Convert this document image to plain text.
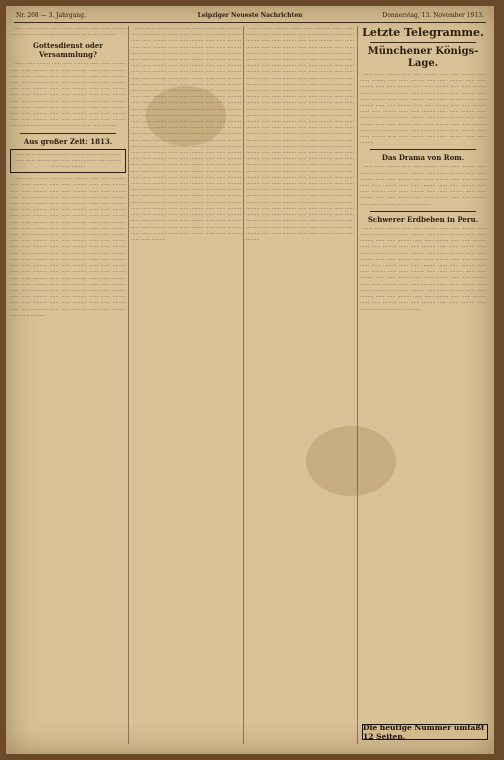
Nr. 268 — 3. Jahrgang.	Leipziger Neueste Nachrichten	Donnerstag, 13. November 1913.

…… …… ……… …… …… ……… …… …… ……… …… …… ……… …… …… ……… …… …… ………

Gottesdienst oder Versammlung?

…… …… ……… …… …… ……… …… …… ……… …… …… ……… …… …… ……… …… …… ……… …… …… ……… …… …… ……… …… …… ……… …… …… ……… …… …… ……… …… …… ……… …… …… ……… …… …… ……… …… …… ……… …… …… ……… …… …… ……… …… …… ……… …… …… ……… …… …… ……… …… …… ……… …… …… ……… …… …… ……… …… …… ……… …… …… ……… …… …… ……… …… …… ……… …… …… ……… …… …… ……… …… …… ……… …… …… ……… …… …… ……… …… …… ………

Aus großer Zeit: 1813.
…… …… ……… …… …… ……… …… …… ……… …… …… ……… …… …… ……… …… …… ……… …… …… ………

…… …… ……… …… …… ……… …… …… ……… …… …… ……… …… …… ……… …… …… ……… …… …… ……… …… …… ……… …… …… ……… …… …… ……… …… …… ……… …… …… ……… …… …… ……… …… …… ……… …… …… ……… …… …… ……… …… …… ……… …… …… ……… …… …… ……… …… …… ……… …… …… ……… …… …… ……… …… …… ……… …… …… ……… …… …… ……… …… …… ……… …… …… ……… …… …… ……… …… …… ……… …… …… ……… …… …… ……… …… …… ……… …… …… ……… …… …… ……… …… …… ……… …… …… ……… …… …… ……… …… …… ……… …… …… ……… …… …… ……… …… …… ……… …… …… ……… …… …… ……… …… …… ……… …… …… ……… …… …… ……… …… …… ……… …… …… ……… …… …… ……… …… …… ……… …… …… ……… …… …… ……… …… …… ……… …… …… ……… …… …… ……… …… …… ……… …… …… ……… …… …… ……… …… …… ……… …… …… ……… …… …… ……… …… …… ……… …… …… ……… …… …… ……… …… …… ……… …… …… ……… …… …… ………

…… …… ……… …… …… ……… …… …… ……… …… …… ……… …… …… ……… …… …… ……… …… …… ……… …… …… ……… …… …… ……… …… …… ……… …… …… ……… …… …… ……… …… …… ……… …… …… ……… …… …… ……… …… …… ……… …… …… ……… …… …… ……… …… …… ……… …… …… ……… …… …… ……… …… …… ……… …… …… ……… …… …… ……… …… …… ……… …… …… ……… …… …… ……… …… …… ……… …… …… ……… …… …… ……… …… …… ……… …… …… ……… …… …… ……… …… …… ……… …… …… ……… …… …… ……… …… …… ……… …… …… ……… …… …… ……… …… …… ……… …… …… ……… …… …… ……… …… …… ……… …… …… ……… …… …… ……… …… …… ……… …… …… ……… …… …… ……… …… …… ……… …… …… ……… …… …… ……… …… …… ……… …… …… ……… …… …… ……… …… …… ……… …… …… ……… …… …… ……… …… …… ……… …… …… ……… …… …… ……… …… …… ……… …… …… ……… …… …… ……… …… …… ……… …… …… ……… …… …… ……… …… …… ……… …… …… ……… …… …… ……… …… …… ……… …… …… ……… …… …… ……… …… …… ……… …… …… ……… …… …… ……… …… …… ……… …… …… ……… …… …… ……… …… …… ……… …… …… ……… …… …… ……… …… …… ……… …… …… ……… …… …… ……… …… …… ……… …… …… ……… …… …… ……… …… …… ……… …… …… ……… …… …… ……… …… …… ……… …… …… ……… …… …… ……… …… …… ……… …… …… ……… …… …… ……… …… …… ……… …… …… ……… …… …… ……… …… …… ……… …… …… ……… …… …… ……… …… …… ………

…… …… ……… …… …… ……… …… …… ……… …… …… ……… …… …… ……… …… …… ……… …… …… ……… …… …… ……… …… …… ……… …… …… ……… …… …… ……… …… …… ……… …… …… ……… …… …… ……… …… …… ……… …… …… ……… …… …… ……… …… …… ……… …… …… ……… …… …… ……… …… …… ……… …… …… ……… …… …… ……… …… …… ……… …… …… ……… …… …… ……… …… …… ……… …… …… ……… …… …… ……… …… …… ……… …… …… ……… …… …… ……… …… …… ……… …… …… ……… …… …… ……… …… …… ……… …… …… ……… …… …… ……… …… …… ……… …… …… ……… …… …… ……… …… …… ……… …… …… ……… …… …… ……… …… …… ……… …… …… ……… …… …… ……… …… …… ……… …… …… ……… …… …… ……… …… …… ……… …… …… ……… …… …… ……… …… …… ……… …… …… ……… …… …… ……… …… …… ……… …… …… ……… …… …… ……… …… …… ……… …… …… ……… …… …… ……… …… …… ……… …… …… ……… …… …… ……… …… …… ……… …… …… ……… …… …… ……… …… …… ……… …… …… ……… …… …… ……… …… …… ……… …… …… ……… …… …… ……… …… …… ……… …… …… ……… …… …… ……… …… …… ……… …… …… ……… …… …… ……… …… …… ……… …… …… ……… …… …… ……… …… …… ……… …… …… ……… …… …… ……… …… …… ……… …… …… ……… …… …… ……… …… …… ……… …… …… ……… …… …… ……… …… …… ……… …… …… ……… …… …… ……… …… …… ……… …… …… ……… …… …… ……… …… …… ……… …… …… ……… …… …… ……… …… …… ………

Letzte Telegramme.
Münchener Königs-Lage.

…… …… ……… …… …… ……… …… …… ……… …… …… ……… …… …… ……… …… …… ……… …… …… ……… …… …… ……… …… …… ……… …… …… ……… …… …… ……… …… …… ……… …… …… ……… …… …… ……… …… …… ……… …… …… ……… …… …… ……… …… …… ……… …… …… ……… …… …… ……… …… …… ……… …… …… ……… …… …… ……… …… …… ……… …… …… ……… …… …… ……… …… …… ……… …… …… ……… …… …… ……… …… …… ……… …… …… ……… …… …… ……… …… …… ……… …… …… ……… …… …… ……… …… …… ……… …… …… ………

Das Drama von Rom.

…… …… ……… …… …… ……… …… …… ……… …… …… ……… …… …… ……… …… …… ……… …… …… ……… …… …… ……… …… …… ……… …… …… ……… …… …… ……… …… …… ……… …… …… ……… …… …… ……… …… …… ……… …… …… ……… …… …… ……… …… …… ……… …… …… ……… …… …… ……… …… …… ……… …… …… ………

Schwerer Erdbeben in Peru.

…… …… ……… …… …… ……… …… …… ……… …… …… ……… …… …… ……… …… …… ……… …… …… ……… …… …… ……… …… …… ……… …… …… ……… …… …… ……… …… …… ……… …… …… ……… …… …… ……… …… …… ……… …… …… ……… …… …… ……… …… …… ……… …… …… ……… …… …… ……… …… …… ……… …… …… ……… …… …… ……… …… …… ……… …… …… ……… …… …… ……… …… …… ……… …… …… ……… …… …… ……… …… …… ……… …… …… ……… …… …… ……… …… …… ……… …… …… ……… …… …… ……… …… …… ……… …… …… ……… …… …… ……… …… …… ……… …… …… ……… …… …… ……… …… …… ……… …… …… ……… …… …… ……… …… …… ………

Die heutige Nummer umfaßt 12 Seiten.
